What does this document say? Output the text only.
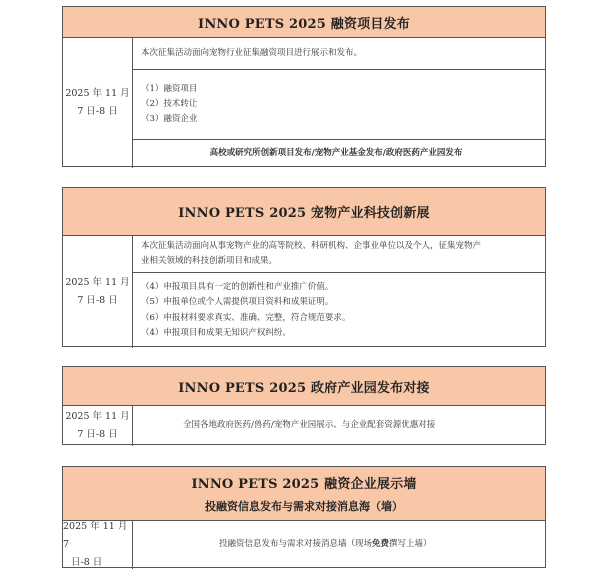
INNO PETS 2025 融资项目发布
2025 年 11 月
7 日-8 日
本次征集活动面向宠物行业征集融资项目进行展示和发布。
（1）融资项目
（2）技术转让
（3）融资企业
高校或研究所创新项目发布/宠物产业基金发布/政府医药产业园发布
INNO PETS 2025 宠物产业科技创新展
2025 年 11 月
7 日-8 日
本次征集活动面向从事宠物产业的高等院校、科研机构、企事业单位以及个人，征集宠物产
业相关领域的科技创新项目和成果。
（4）申报项目具有一定的创新性和产业推广价值。
（5）申报单位或个人需提供项目资料和成果证明。
（6）申报材料要求真实、准确、完整，符合规范要求。
（4）申报项目和成果无知识产权纠纷。
INNO PETS 2025 政府产业园发布对接
2025 年 11 月
7 日-8 日
全国各地政府医药/兽药/宠物产业园展示、与企业配套资源优惠对接
INNO PETS 2025 融资企业展示墙
投融资信息发布与需求对接消息海（墙）
2025 年 11 月 7
日-8 日
投融资信息发布与需求对接消息墙（现场免费撰写上墙）
